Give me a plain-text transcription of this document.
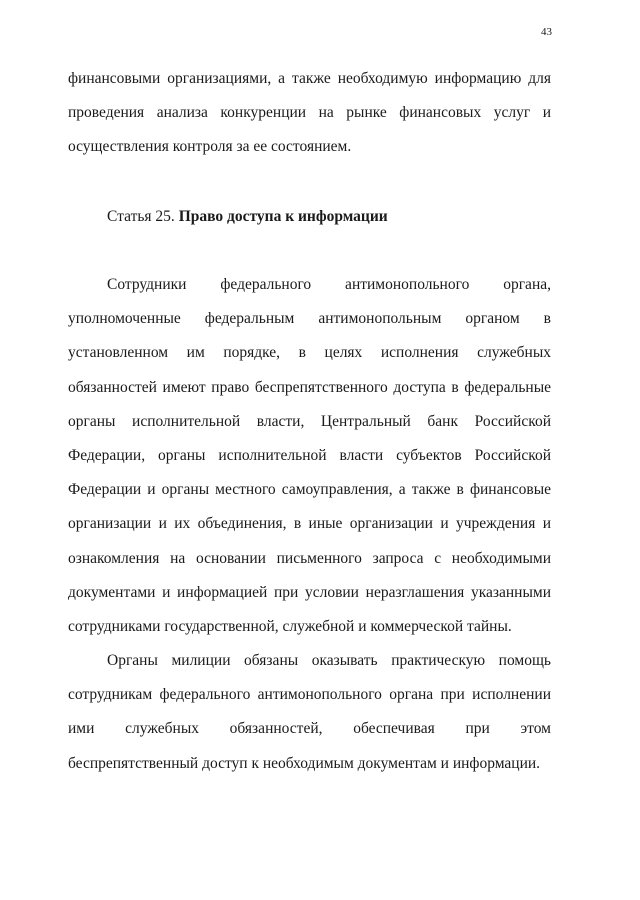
43
финансовыми организациями, а также необходимую информацию для
проведения анализа конкуренции на рынке финансовых услуг и
осуществления контроля за ее состоянием.
Статья 25. Право доступа к информации
Сотрудники федерального антимонопольного органа,
уполномоченные федеральным антимонопольным органом в
установленном им порядке, в целях исполнения служебных
обязанностей имеют право беспрепятственного доступа в федеральные
органы исполнительной власти, Центральный банк Российской
Федерации, органы исполнительной власти субъектов Российской
Федерации и органы местного самоуправления, а также в финансовые
организации и их объединения, в иные организации и учреждения и
ознакомления на основании письменного запроса с необходимыми
документами и информацией при условии неразглашения указанными
сотрудниками государственной, служебной и коммерческой тайны.
Органы милиции обязаны оказывать практическую помощь
сотрудникам федерального антимонопольного органа при исполнении
ими служебных обязанностей, обеспечивая при этом
беспрепятственный доступ к необходимым документам и информации.
